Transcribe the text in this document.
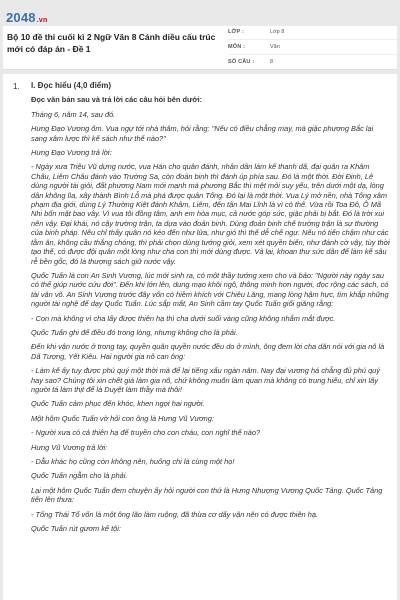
2048.vn
Bộ 10 đề thi cuối kì 2 Ngữ Văn 8 Cánh diều cấu trúc mới có đáp án - Đề 1
LỚP :	Lớp 8
MÔN :	Văn
SỐ CÂU :	8
1. I. Đọc hiểu (4,0 điểm)

Đọc văn bản sau và trả lời các câu hỏi bên dưới:

Tháng 6, năm 14, sau đó.

Hưng Đạo Vương ốm. Vua ngự tới nhà thăm, hỏi rằng: "Nếu có điều chẳng may, mà giặc phương Bắc lại sang xâm lược thì kế sách như thế nào?"

Hưng Đạo Vương trả lời:

- Ngày xưa Triệu Vũ dựng nước, vua Hán cho quân đánh, nhân dân làm kế thanh dã, đại quân ra Khâm Châu, Liêm Châu đánh vào Trường Sa, còn đoản binh thì đánh úp phía sau. Đó là một thời. Đời Đinh, Lê dùng người tài giỏi, đất phương Nam mới mạnh mà phương Bắc thì mệt mỏi suy yếu, trên dưới một dạ, lòng dân không lìa, xây thành Bình Lỗ mà phá được quân Tống. Đó lại là một thời. Vua Lý mở nền, nhà Tống xâm phạm địa giới, dùng Lý Thường Kiệt đánh Khâm, Liêm, đến tận Mai Lĩnh là vì có thế. Vừa rồi Toa Đô, Ô Mã Nhi bốn mặt bao vây. Vì vua tôi đồng tâm, anh em hòa mục, cả nước góp sức, giặc phải bị bắt. Đó là trời xui nên vậy. Đại khái, nó cậy trường trận, ta dựa vào đoản binh. Dùng đoản binh chế trường trận là sự thường của binh pháp. Nếu chỉ thấy quân nó kéo đến như lửa, như gió thì thế dễ chế ngự. Nếu nó tiến chậm như các tằm ăn, không cầu thắng chóng, thì phải chọn dùng tướng giỏi, xem xét quyền biến, như đánh cờ vậy, tùy thời tạo thế, có được đội quân một lòng như cha con thì mới dùng được. Vả lại, khoan thư sức dân để làm kế sâu rễ bền gốc, đó là thượng sách giữ nước vậy.

Quốc Tuấn là con An Sinh Vương, lúc mới sinh ra, có một thầy tướng xem cho và bảo: "Người này ngày sau có thể giúp nước cứu đời". Đến khi lớn lên, dung mạo khôi ngô, thông minh hơn người, đọc rộng các sách, có tài văn võ. An Sinh Vương trước đây vốn có hiềm khích với Chiêu Lăng, mang lòng hậm hực, tìm khắp những người tài nghệ để dạy Quốc Tuấn. Lúc sắp mất, An Sinh cầm tay Quốc Tuấn giối giăng rằng:

- Con mà không vì cha lấy được thiên hạ thì cha dưới suối vàng cũng không nhắm mắt được.

Quốc Tuấn ghi để điều đó trong lòng, nhưng không cho là phải.

Đến khi vận nước ở trong tay, quyền quân quyền nước đều do ở mình, ông đem lời cha dặn nói với gia nô là Dã Tượng, Yết Kiêu. Hai người gia nô can ông:

- Làm kế ấy tuy được phú quý một thời mà để lại tiếng xấu ngàn năm. Nay đại vương há chẳng đủ phú quý hay sao? Chúng tôi xin chết già làm gia nô, chứ không muốn làm quan mà không có trung hiếu, chỉ xin lấy người tá làm thịt để là Duyệt làm thầy mà thôi!

Quốc Tuấn cảm phục đến khóc, khen ngợi hai người.

Một hôm Quốc Tuấn vờ hỏi con ông là Hưng Vũ Vương:

- Người xưa có cả thiên hạ để truyền cho con cháu, con nghĩ thế nào?

Hưng Vũ Vương trả lời:

- Dẫu khác họ cũng còn không nên, huống chi là cùng một họ!

Quốc Tuấn ngẫm cho là phải.

Lại một hôm Quốc Tuấn đem chuyện ấy hỏi người con thứ là Hưng Nhượng Vương Quốc Tảng. Quốc Tảng tiến lên thưa:

- Tống Thái Tổ vốn là một ông lão làm ruộng, đã thừa cơ dấy vận nên có được thiên hạ.

Quốc Tuấn rút gươm kể tội:
